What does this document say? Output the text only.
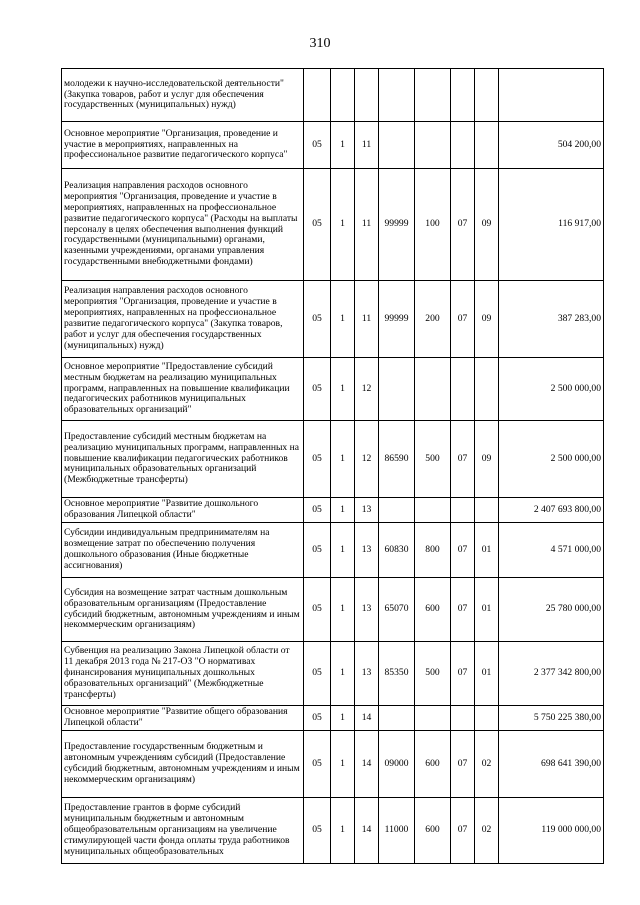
310
молодежи к научно-исследовательской деятельности" (Закупка товаров, работ и услуг для обеспечения государственных (муниципальных) нужд)								
Основное мероприятие "Организация, проведение и участие в мероприятиях, направленных на профессиональное развитие педагогического корпуса"	05	1	11					504 200,00
Реализация направления расходов основного мероприятия "Организация, проведение и участие в мероприятиях, направленных на профессиональное развитие педагогического корпуса" (Расходы на выплаты персоналу в целях обеспечения выполнения функций государственными (муниципальными) органами, казенными учреждениями, органами управления государственными внебюджетными фондами)	05	1	11	99999	100	07	09	116 917,00
Реализация направления расходов основного мероприятия "Организация, проведение и участие в мероприятиях, направленных на профессиональное развитие педагогического корпуса" (Закупка товаров, работ и услуг для обеспечения государственных (муниципальных) нужд)	05	1	11	99999	200	07	09	387 283,00
Основное мероприятие "Предоставление субсидий местным бюджетам на реализацию муниципальных программ, направленных на повышение квалификации педагогических работников муниципальных образовательных организаций"	05	1	12					2 500 000,00
Предоставление субсидий местным бюджетам на реализацию муниципальных программ, направленных на повышение квалификации педагогических работников муниципальных образовательных организаций (Межбюджетные трансферты)	05	1	12	86590	500	07	09	2 500 000,00
Основное мероприятие "Развитие дошкольного образования Липецкой области"	05	1	13					2 407 693 800,00
Субсидии индивидуальным предпринимателям на возмещение затрат по обеспечению получения дошкольного образования (Иные бюджетные ассигнования)	05	1	13	60830	800	07	01	4 571 000,00
Субсидия на возмещение затрат частным дошкольным образовательным организациям (Предоставление субсидий бюджетным, автономным учреждениям и иным некоммерческим организациям)	05	1	13	65070	600	07	01	25 780 000,00
Субвенция на реализацию Закона Липецкой области от 11 декабря 2013 года № 217-ОЗ "О нормативах финансирования муниципальных дошкольных образовательных организаций" (Межбюджетные трансферты)	05	1	13	85350	500	07	01	2 377 342 800,00
Основное мероприятие "Развитие общего образования Липецкой области"	05	1	14					5 750 225 380,00
Предоставление государственным бюджетным и автономным учреждениям субсидий (Предоставление субсидий бюджетным, автономным учреждениям и иным некоммерческим организациям)	05	1	14	09000	600	07	02	698 641 390,00
Предоставление грантов в форме субсидий муниципальным бюджетным и автономным общеобразовательным организациям на увеличение стимулирующей части фонда оплаты труда работников муниципальных общеобразовательных	05	1	14	11000	600	07	02	119 000 000,00
